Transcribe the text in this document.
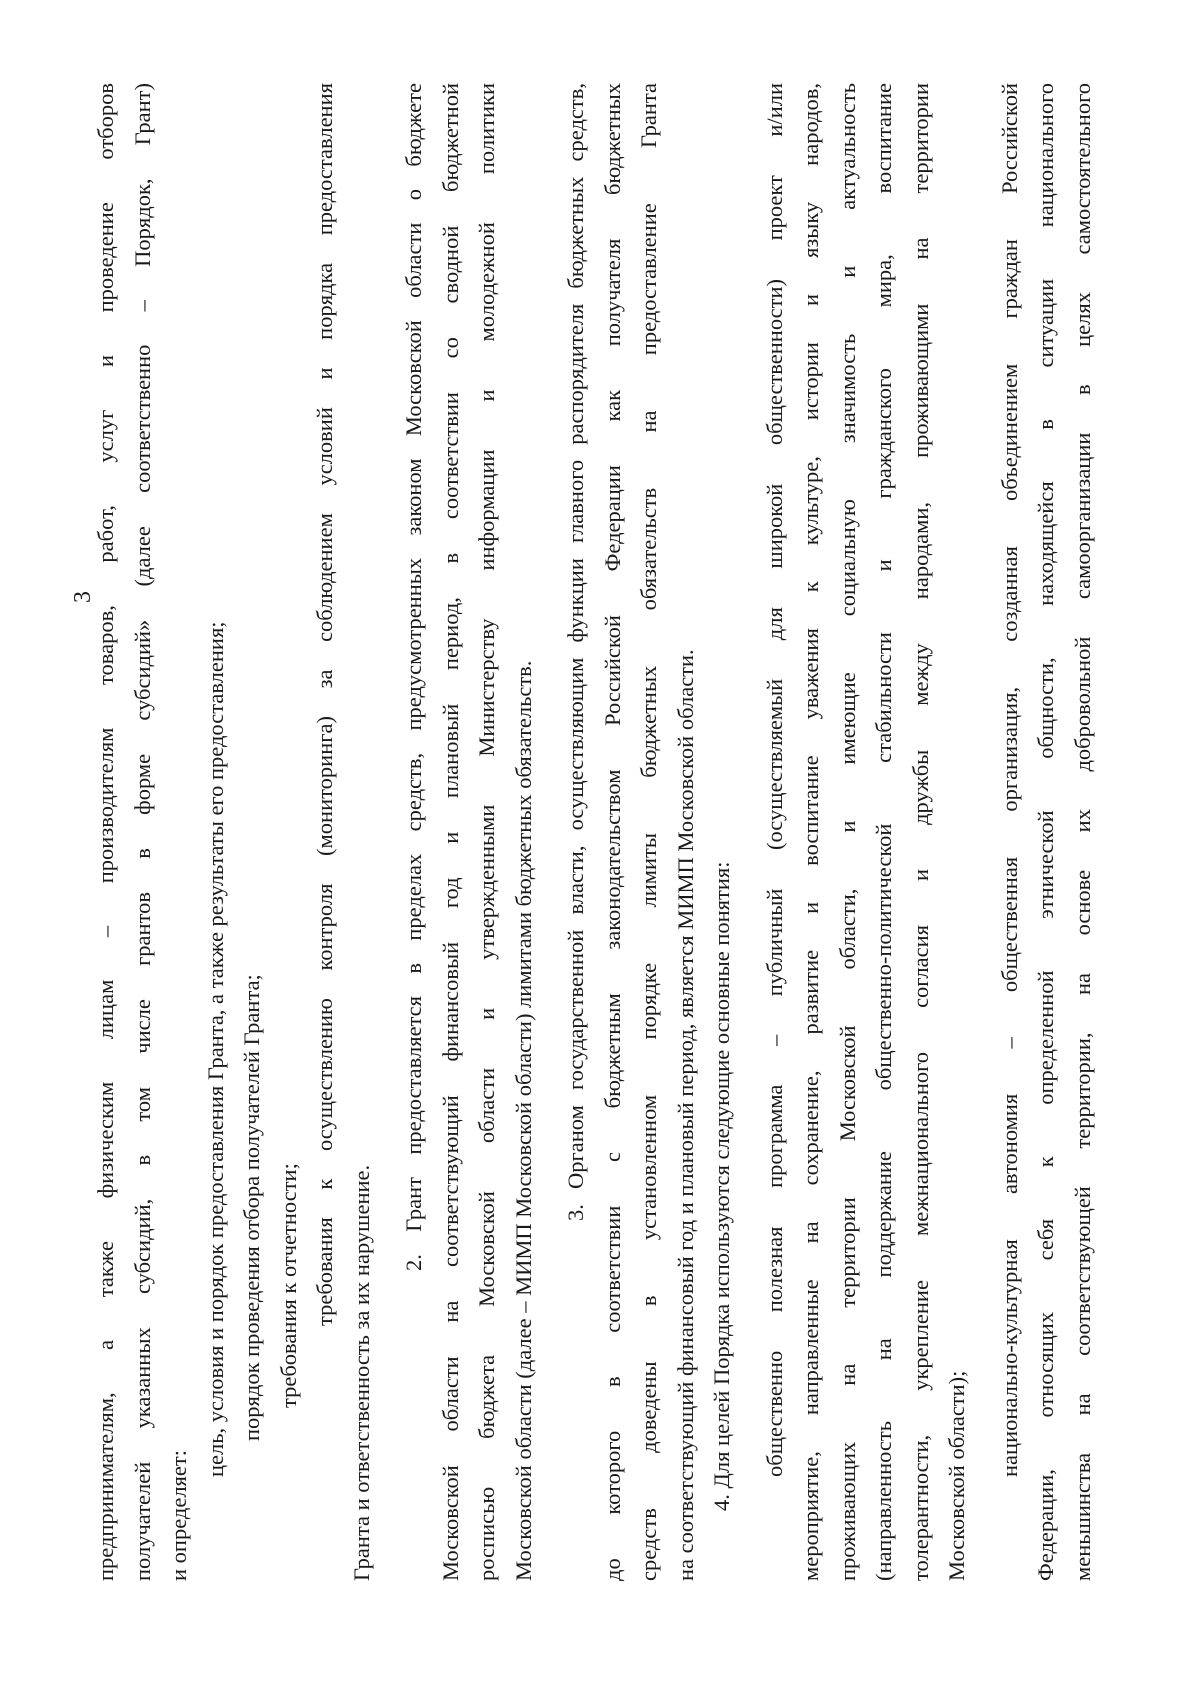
3
предпринимателям, а также физическим лицам – производителям товаров, работ, услуг и проведение отборов получателей указанных субсидий, в том числе грантов в форме субсидий» (далее соответственно – Порядок, Грант) и определяет:
цель, условия и порядок предоставления Гранта, а также результаты его предоставления; порядок проведения отбора получателей Гранта; требования к отчетности; требования к осуществлению контроля (мониторинга) за соблюдением условий и порядка предоставления
Гранта и ответственность за их нарушение.
2. Грант предоставляется в пределах средств, предусмотренных законом Московской области о бюджете Московской области на соответствующий финансовый год и плановый период, в соответствии со сводной бюджетной росписью бюджета Московской области и утвержденными Министерству информации и молодежной политики Московской области (далее – МИМП Московской области) лимитами бюджетных обязательств. 3. Органом государственной власти, осуществляющим функции главного распорядителя бюджетных средств, до которого в соответствии с бюджетным законодательством Российской Федерации как получателя бюджетных средств доведены в установленном порядке лимиты бюджетных обязательств на предоставление Гранта на соответствующий финансовый год и плановый период, является МИМП Московской области. 4. Для целей Порядка используются следующие основные понятия: общественно полезная программа – публичный (осуществляемый для широкой общественности) проект и/или мероприятие, направленные на сохранение, развитие и воспитание уважения к культуре, истории и языку народов, проживающих на территории Московской области, и имеющие социальную значимость и актуальность (направленность на поддержание общественно-политической стабильности и гражданского мира, воспитание толерантности, укрепление межнационального согласия и дружбы между народами, проживающими на территории Московской области); национально-культурная автономия – общественная организация, созданная объединением граждан Российской Федерации, относящих себя к определенной этнической общности, находящейся в ситуации национального меньшинства на соответствующей территории, на основе их добровольной самоорганизации в целях самостоятельного
